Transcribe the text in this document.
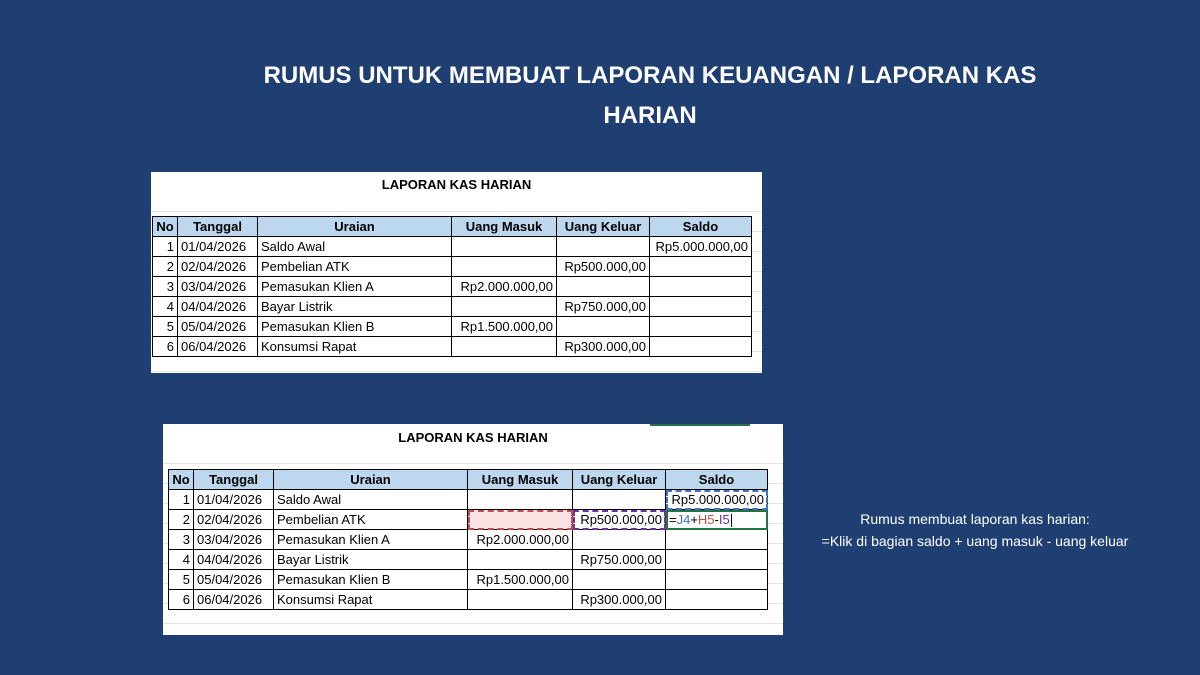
RUMUS UNTUK MEMBUAT LAPORAN KEUANGAN / LAPORAN KAS
HARIAN
LAPORAN KAS HARIAN
No	Tanggal	Uraian	Uang Masuk	Uang Keluar	Saldo
1	01/04/2026	Saldo Awal			Rp5.000.000,00
2	02/04/2026	Pembelian ATK		Rp500.000,00	
3	03/04/2026	Pemasukan Klien A	Rp2.000.000,00		
4	04/04/2026	Bayar Listrik		Rp750.000,00	
5	05/04/2026	Pemasukan Klien B	Rp1.500.000,00		
6	06/04/2026	Konsumsi Rapat		Rp300.000,00	
LAPORAN KAS HARIAN
No	Tanggal	Uraian	Uang Masuk	Uang Keluar	Saldo
1	01/04/2026	Saldo Awal			Rp5.000.000,00
2	02/04/2026	Pembelian ATK		Rp500.000,00	=J4+H5-I5
3	03/04/2026	Pemasukan Klien A	Rp2.000.000,00		
4	04/04/2026	Bayar Listrik		Rp750.000,00	
5	05/04/2026	Pemasukan Klien B	Rp1.500.000,00		
6	06/04/2026	Konsumsi Rapat		Rp300.000,00	
Rumus membuat laporan kas harian:
=Klik di bagian saldo + uang masuk - uang keluar
